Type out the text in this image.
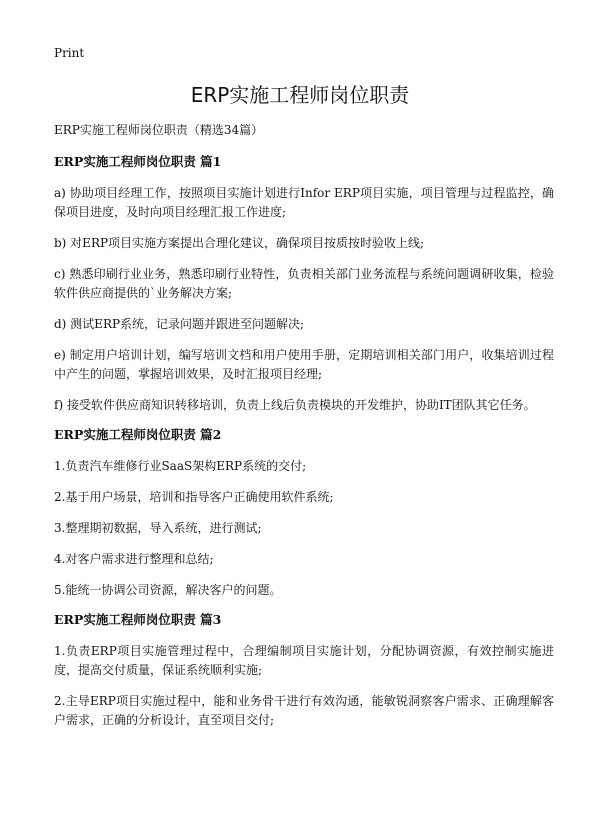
Print
ERP实施工程师岗位职责

ERP实施工程师岗位职责（精选34篇）

ERP实施工程师岗位职责 篇1

a) 协助项目经理工作，按照项目实施计划进行Infor ERP项目实施，项目管理与过程监控，确保项目进度，及时向项目经理汇报工作进度;

b) 对ERP项目实施方案提出合理化建议，确保项目按质按时验收上线;

c) 熟悉印刷行业业务，熟悉印刷行业特性，负责相关部门业务流程与系统问题调研收集，检验软件供应商提供的`业务解决方案;

d) 测试ERP系统，记录问题并跟进至问题解决;

e) 制定用户培训计划，编写培训文档和用户使用手册，定期培训相关部门用户，收集培训过程中产生的问题，掌握培训效果，及时汇报项目经理;

f) 接受软件供应商知识转移培训，负责上线后负责模块的开发维护，协助IT团队其它任务。

ERP实施工程师岗位职责 篇2

1.负责汽车维修行业SaaS架构ERP系统的交付;

2.基于用户场景，培训和指导客户正确使用软件系统;

3.整理期初数据，导入系统，进行测试;

4.对客户需求进行整理和总结;

5.能统一协调公司资源，解决客户的问题。

ERP实施工程师岗位职责 篇3

1.负责ERP项目实施管理过程中，合理编制项目实施计划，分配协调资源，有效控制实施进度，提高交付质量，保证系统顺利实施;

2.主导ERP项目实施过程中，能和业务骨干进行有效沟通，能敏锐洞察客户需求、正确理解客户需求，正确的分析设计，直至项目交付;
